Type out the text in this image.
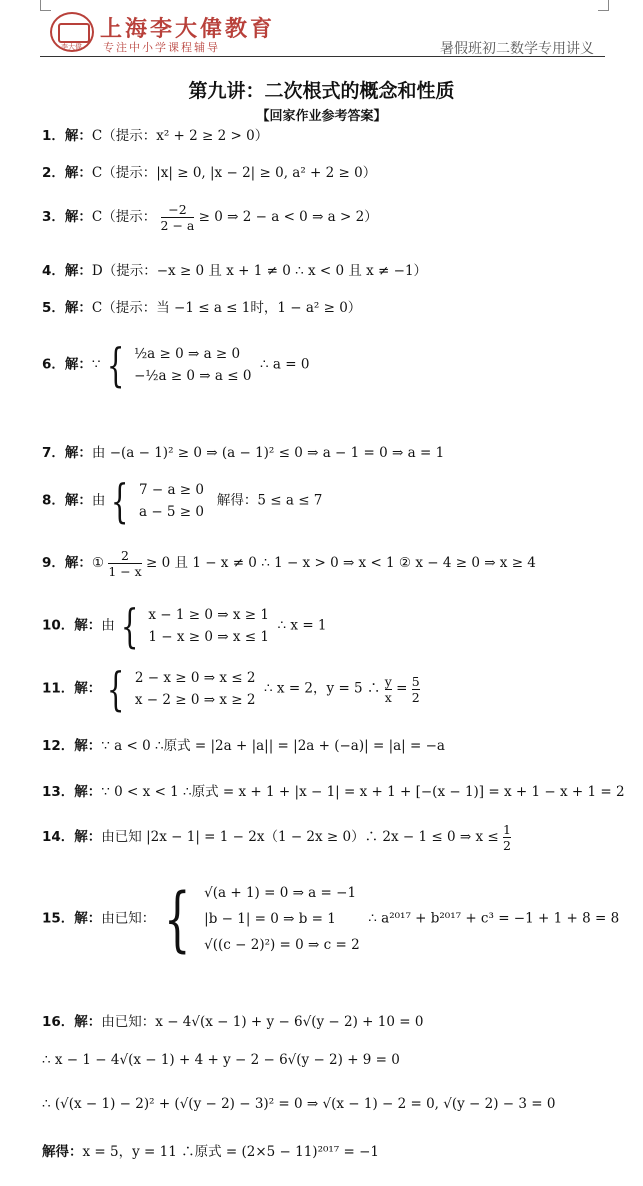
李大偉
上海李大偉教育
专注中小学课程辅导	暑假班初二数学专用讲义
第九讲：二次根式的概念和性质
【回家作业参考答案】
1．解：C（提示：x² + 2 ≥ 2 > 0）
2．解：C（提示：|x| ≥ 0, |x − 2| ≥ 0, a² + 2 ≥ 0）
3．解：C（提示： $\frac{-2}{2 - a} \ge 0$ ⇒ 2 − a < 0 ⇒ a > 2）
4．解：D（提示：−x ≥ 0 且 x + 1 ≠ 0 ∴ x < 0 且 x ≠ −1）
5．解：C（提示：当 −1 ≤ a ≤ 1时，1 − a² ≥ 0）
6．解：∵ { ½a ≥ 0 ⇒ a ≥ 0
−½a ≥ 0 ⇒ a ≤ 0  ∴ a = 0
7．解：由 −(a − 1)² ≥ 0 ⇒ (a − 1)² ≤ 0 ⇒ a − 1 = 0 ⇒ a = 1
8．解：由 { 7 − a ≥ 0
a − 5 ≥ 0   解得：5 ≤ a ≤ 7
9．解：① $\frac{2}{1 - x} \ge 0$ 且 1 − x ≠ 0 ∴ 1 − x > 0 ⇒ x < 1 ② x − 4 ≥ 0 ⇒ x ≥ 4
10．解：由 { x − 1 ≥ 0 ⇒ x ≥ 1
1 − x ≥ 0 ⇒ x ≤ 1  ∴ x = 1
11．解： { 2 − x ≥ 0 ⇒ x ≤ 2
x − 2 ≥ 0 ⇒ x ≥ 2  ∴ x = 2，y = 5 ∴ $\frac{y}{x} = \frac{5}{2}$
12．解：∵ a < 0 ∴原式 = |2a + |a|| = |2a + (−a)| = |a| = −a
13．解：∵ 0 < x < 1 ∴原式 = x + 1 + |x − 1| = x + 1 + [−(x − 1)] = x + 1 − x + 1 = 2
14．解：由已知 |2x − 1| = 1 − 2x（1 − 2x ≥ 0）∴ 2x − 1 ≤ 0 ⇒ $x \le \frac{1}{2}$
15．解：由已知： { √(a + 1) = 0 ⇒ a = −1
|b − 1| = 0 ⇒ b = 1
√((c − 2)²) = 0 ⇒ c = 2  ∴ a²⁰¹⁷ + b²⁰¹⁷ + c³ = −1 + 1 + 8 = 8
16．解：由已知：x − 4√(x − 1) + y − 6√(y − 2) + 10 = 0
∴ x − 1 − 4√(x − 1) + 4 + y − 2 − 6√(y − 2) + 9 = 0
∴ (√(x − 1) − 2)² + (√(y − 2) − 3)² = 0 ⇒ √(x − 1) − 2 = 0, √(y − 2) − 3 = 0
解得：x = 5，y = 11 ∴原式 = (2×5 − 11)²⁰¹⁷ = −1
